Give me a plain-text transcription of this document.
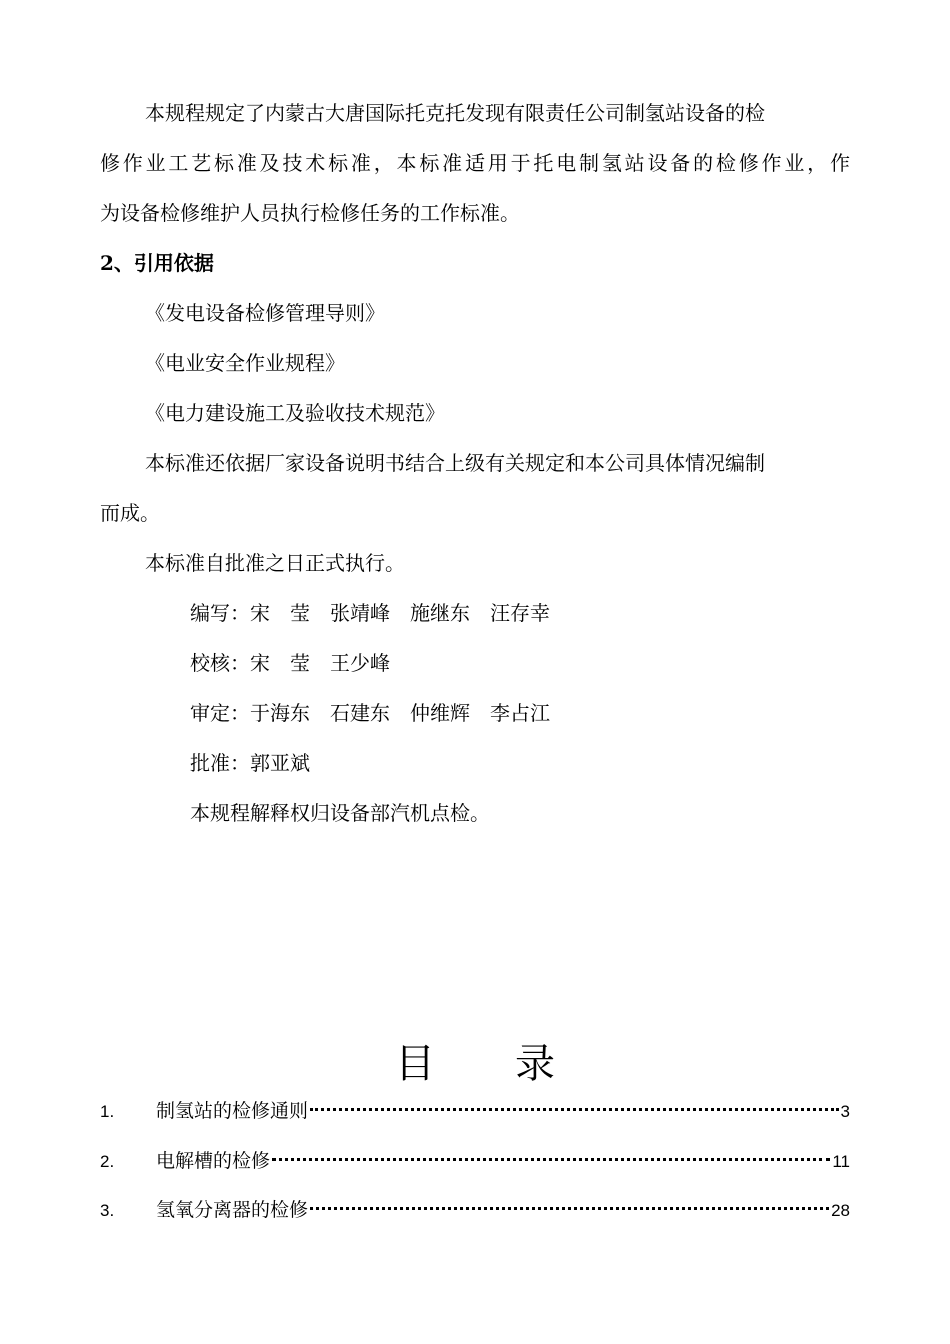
本规程规定了内蒙古大唐国际托克托发现有限责任公司制氢站设备的检
修作业工艺标准及技术标准，本标准适用于托电制氢站设备的检修作业，作
为设备检修维护人员执行检修任务的工作标准。
2、引用依据
《发电设备检修管理导则》
《电业安全作业规程》
《电力建设施工及验收技术规范》
本标准还依据厂家设备说明书结合上级有关规定和本公司具体情况编制
而成。
本标准自批准之日正式执行。
编写：宋　莹　张靖峰　施继东　汪存幸
校核：宋　莹　王少峰
审定：于海东　石建东　仲维辉　李占江
批准：郭亚斌
本规程解释权归设备部汽机点检。
目录
1.	制氢站的检修通则	3
2.	电解槽的检修	11
3.	氢氧分离器的检修	28
